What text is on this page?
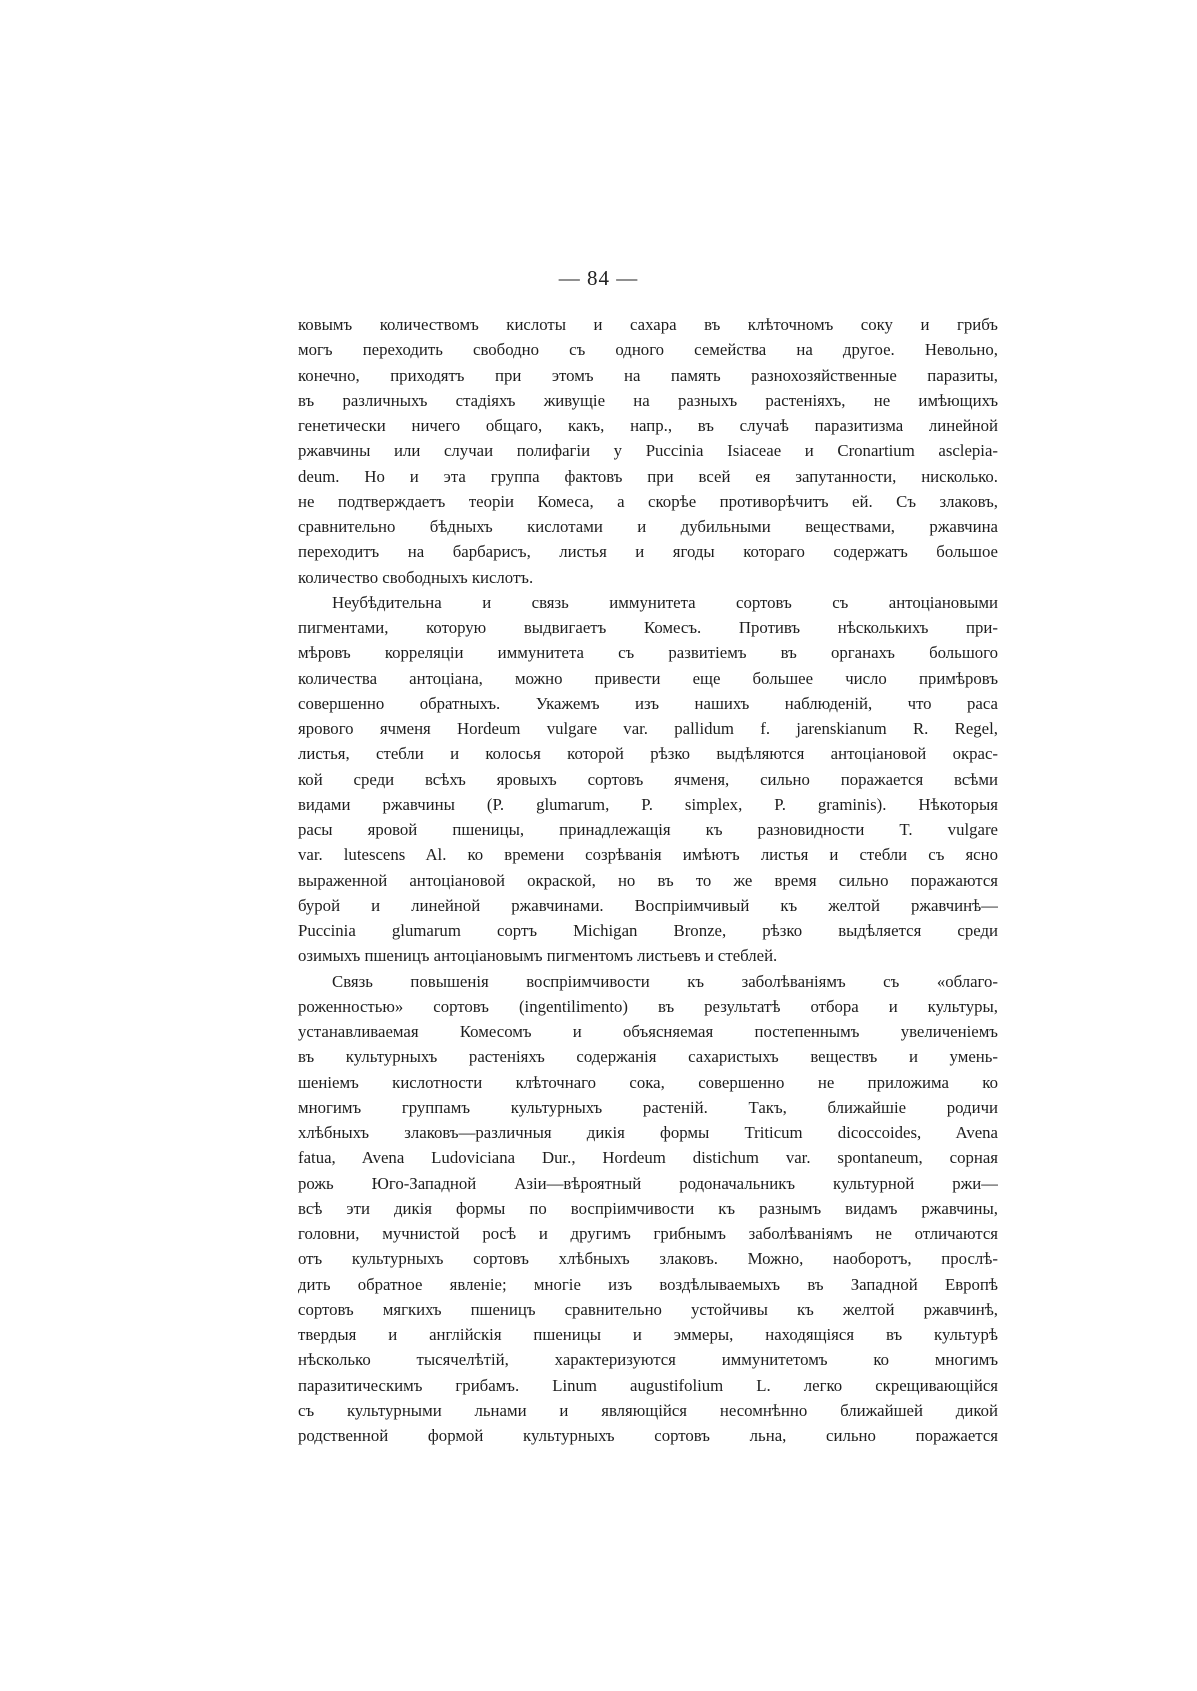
— 84 —
ковымъ количествомъ кислоты и сахара въ клѣточномъ соку и грибъ
могъ переходить свободно съ одного семейства на другое. Невольно,
конечно, приходятъ при этомъ на память разнохозяйственные паразиты,
въ различныхъ стадіяхъ живущіе на разныхъ растеніяхъ, не имѣющихъ
генетически ничего общаго, какъ, напр., въ случаѣ паразитизма линейной
ржавчины или случаи полифагіи у Puccinia Isiaceae и Cronartium asclepia-
deum. Но и эта группа фактовъ при всей ея запутанности, нисколько.
не подтверждаетъ теоріи Комеса, а скорѣе противорѣчитъ ей. Съ злаковъ,
сравнительно бѣдныхъ кислотами и дубильными веществами, ржавчина
переходитъ на барбарисъ, листья и ягоды котораго содержатъ большое
количество свободныхъ кислотъ.
Неубѣдительна и связь иммунитета сортовъ съ антоціановыми
пигментами, которую выдвигаетъ Комесъ. Противъ нѣсколькихъ при-
мѣровъ корреляціи иммунитета съ развитіемъ въ органахъ большого
количества антоціана, можно привести еще большее число примѣровъ
совершенно обратныхъ. Укажемъ изъ нашихъ наблюденій, что раса
ярового ячменя Hordeum vulgare var. pallidum f. jarenskianum R. Regel,
листья, стебли и колосья которой рѣзко выдѣляются антоціановой окрас-
кой среди всѣхъ яровыхъ сортовъ ячменя, сильно поражается всѣми
видами ржавчины (P. glumarum, P. simplex, P. graminis). Нѣкоторыя
расы яровой пшеницы, принадлежащія къ разновидности T. vulgare
var. lutescens Al. ко времени созрѣванія имѣютъ листья и стебли съ ясно
выраженной антоціановой окраской, но въ то же время сильно поражаются
бурой и линейной ржавчинами. Воспріимчивый къ желтой ржавчинѣ—
Puccinia glumarum сортъ Michigan Bronze, рѣзко выдѣляется среди
озимыхъ пшеницъ антоціановымъ пигментомъ листьевъ и стеблей.
Связь повышенія воспріимчивости къ заболѣваніямъ съ «облаго-
роженностью» сортовъ (ingentilimento) въ результатѣ отбора и культуры,
устанавливаемая Комесомъ и объясняемая постепеннымъ увеличеніемъ
въ культурныхъ растеніяхъ содержанія сахаристыхъ веществъ и умень-
шеніемъ кислотности клѣточнаго сока, совершенно не приложима ко
многимъ группамъ культурныхъ растеній. Такъ, ближайшіе родичи
хлѣбныхъ злаковъ—различныя дикія формы Triticum dicoccoides, Avena
fatua, Avena Ludoviciana Dur., Hordeum distichum var. spontaneum, сорная
рожь Юго-Западной Азіи—вѣроятный родоначальникъ культурной ржи—
всѣ эти дикія формы по воспріимчивости къ разнымъ видамъ ржавчины,
головни, мучнистой росѣ и другимъ грибнымъ заболѣваніямъ не отличаются
отъ культурныхъ сортовъ хлѣбныхъ злаковъ. Можно, наоборотъ, прослѣ-
дить обратное явленіе; многіе изъ воздѣлываемыхъ въ Западной Европѣ
сортовъ мягкихъ пшеницъ сравнительно устойчивы къ желтой ржавчинѣ,
твердыя и англійскія пшеницы и эммеры, находящіяся въ культурѣ
нѣсколько тысячелѣтій, характеризуются иммунитетомъ ко многимъ
паразитическимъ грибамъ. Linum augustifolium L. легко скрещивающійся
съ культурными льнами и являющійся несомнѣнно ближайшей дикой
родственной формой культурныхъ сортовъ льна, сильно поражается
